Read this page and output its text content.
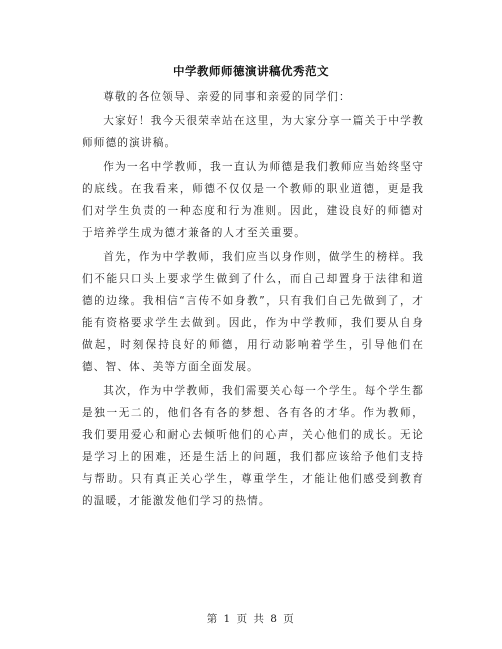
中学教师师德演讲稿优秀范文

尊敬的各位领导、亲爱的同事和亲爱的同学们：

大家好！我今天很荣幸站在这里，为大家分享一篇关于中学教师师德的演讲稿。

作为一名中学教师，我一直认为师德是我们教师应当始终坚守的底线。在我看来，师德不仅仅是一个教师的职业道德，更是我们对学生负责的一种态度和行为准则。因此，建设良好的师德对于培养学生成为德才兼备的人才至关重要。

首先，作为中学教师，我们应当以身作则，做学生的榜样。我们不能只口头上要求学生做到了什么，而自己却置身于法律和道德的边缘。我相信“言传不如身教”，只有我们自己先做到了，才能有资格要求学生去做到。因此，作为中学教师，我们要从自身做起，时刻保持良好的师德，用行动影响着学生，引导他们在德、智、体、美等方面全面发展。

其次，作为中学教师，我们需要关心每一个学生。每个学生都是独一无二的，他们各有各的梦想、各有各的才华。作为教师，我们要用爱心和耐心去倾听他们的心声，关心他们的成长。无论是学习上的困难，还是生活上的问题，我们都应该给予他们支持与帮助。只有真正关心学生，尊重学生，才能让他们感受到教育的温暖，才能激发他们学习的热情。

第 1 页 共 8 页
